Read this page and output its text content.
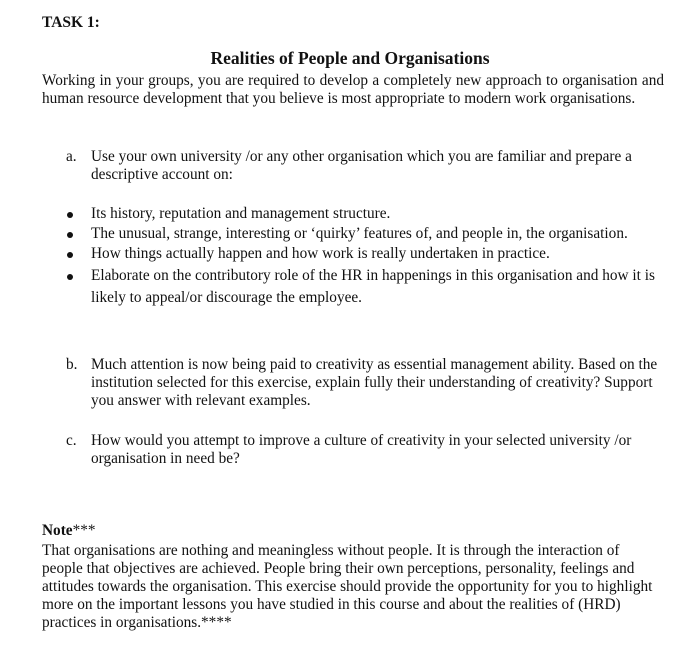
TASK 1:
Realities of People and Organisations
Working in your groups, you are required to develop a completely new approach to organisation and human resource development that you believe is most appropriate to modern work organisations.
a. Use your own university /or any other organisation which you are familiar and prepare a descriptive account on:
Its history, reputation and management structure.
The unusual, strange, interesting or ‘quirky’ features of, and people in, the organisation.
How things actually happen and how work is really undertaken in practice.
Elaborate on the contributory role of the HR in happenings in this organisation and how it is likely to appeal/or discourage the employee.
b. Much attention is now being paid to creativity as essential management ability. Based on the institution selected for this exercise, explain fully their understanding of creativity? Support you answer with relevant examples.
c. How would you attempt to improve a culture of creativity in your selected university /or organisation in need be?
Note***
That organisations are nothing and meaningless without people. It is through the interaction of people that objectives are achieved. People bring their own perceptions, personality, feelings and attitudes towards the organisation. This exercise should provide the opportunity for you to highlight more on the important lessons you have studied in this course and about the realities of (HRD) practices in organisations.****
